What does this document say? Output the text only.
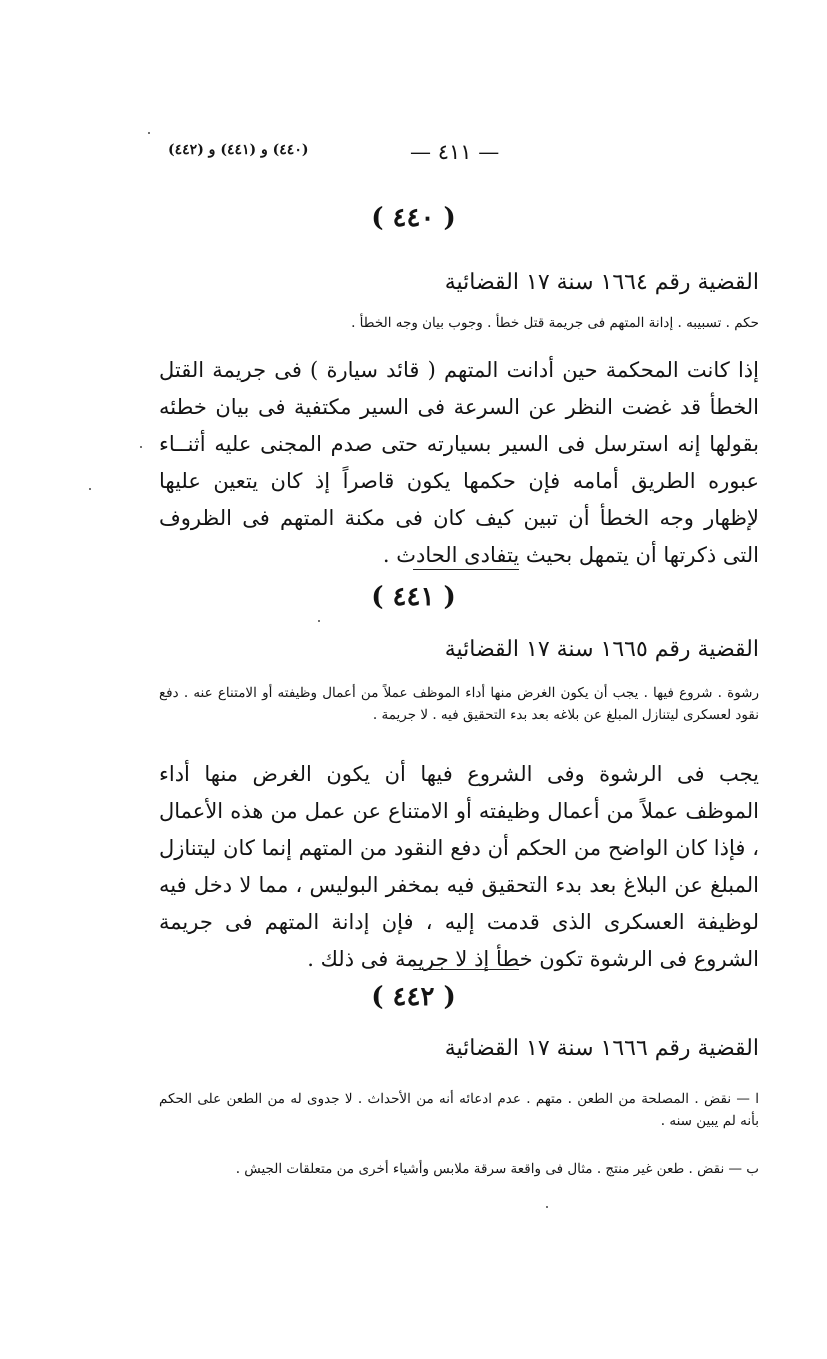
(٤٤٠) و (٤٤١) و (٤٤٢)	— ٤١١ —
( ٤٤٠ )
القضية رقم ١٦٦٤ سنة ١٧ القضائية
حكم . تسبيبه . إدانة المتهم فى جريمة قتل خطأ . وجوب بيان وجه الخطأ .
إذا كانت المحكمة حين أدانت المتهم ( قائد سيارة ) فى جريمة القتل الخطأ قد غضت النظر عن السرعة فى السير مكتفية فى بيان خطئه بقولها إنه استرسل فى السير بسيارته حتى صدم المجنى عليه أثنــاء عبوره الطريق أمامه فإن حكمها يكون قاصراً إذ كان يتعين عليها لإظهار وجه الخطأ أن تبين كيف كان فى مكنة المتهم فى الظروف التى ذكرتها أن يتمهل بحيث يتفادى الحادث .
( ٤٤١ )
القضية رقم ١٦٦٥ سنة ١٧ القضائية
رشوة . شروع فيها . يجب أن يكون الغرض منها أداء الموظف عملاً من أعمال وظيفته أو الامتناع عنه . دفع نقود لعسكرى ليتنازل المبلغ عن بلاغه بعد بدء التحقيق فيه . لا جريمة .
يجب فى الرشوة وفى الشروع فيها أن يكون الغرض منها أداء الموظف عملاً من أعمال وظيفته أو الامتناع عن عمل من هذه الأعمال ، فإذا كان الواضح من الحكم أن دفع النقود من المتهم إنما كان ليتنازل المبلغ عن البلاغ بعد بدء التحقيق فيه بمخفر البوليس ، مما لا دخل فيه لوظيفة العسكرى الذى قدمت إليه ، فإن إدانة المتهم فى جريمة الشروع فى الرشوة تكون خطأ إذ لا جريمة فى ذلك .
( ٤٤٢ )
القضية رقم ١٦٦٦ سنة ١٧ القضائية
ا — نقض . المصلحة من الطعن . متهم . عدم ادعائه أنه من الأحداث . لا جدوى له من الطعن على الحكم بأنه لم يبين سنه .
ب — نقض . طعن غير منتج . مثال فى واقعة سرقة ملابس وأشياء أخرى من متعلقات الجيش .
